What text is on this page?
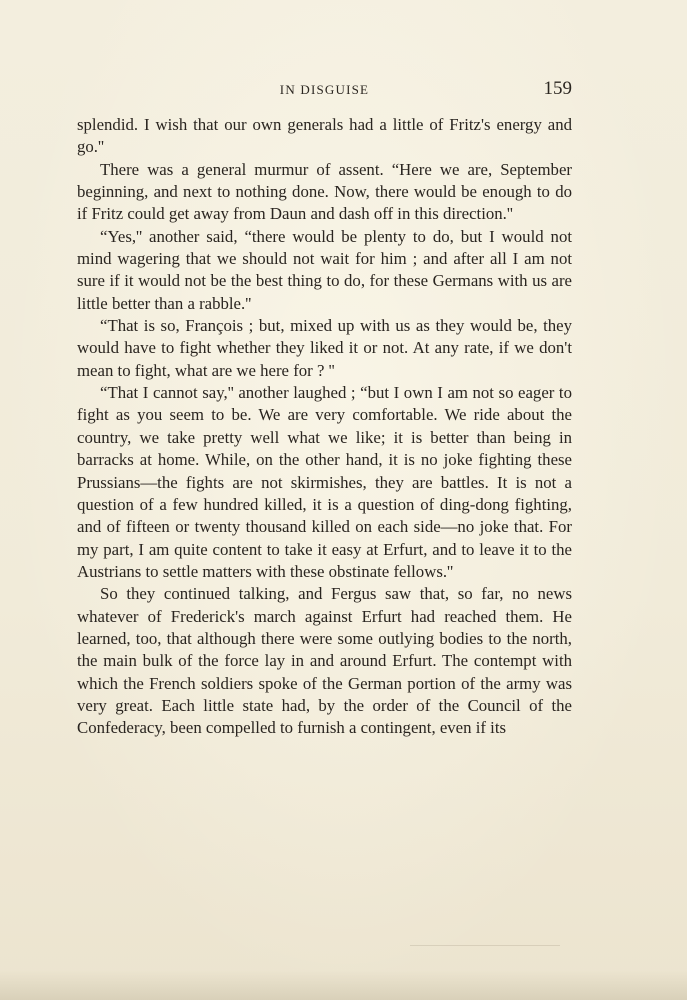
IN DISGUISE	159

splendid. I wish that our own generals had a little of Fritz's energy and go.''

There was a general murmur of assent. “Here we are, September beginning, and next to nothing done. Now, there would be enough to do if Fritz could get away from Daun and dash off in this direction.''

“Yes,'' another said, “there would be plenty to do, but I would not mind wagering that we should not wait for him ; and after all I am not sure if it would not be the best thing to do, for these Germans with us are little better than a rabble.''

“That is so, François ; but, mixed up with us as they would be, they would have to fight whether they liked it or not. At any rate, if we don't mean to fight, what are we here for ? ''

“That I cannot say,'' another laughed ; “but I own I am not so eager to fight as you seem to be. We are very comfortable. We ride about the country, we take pretty well what we like; it is better than being in barracks at home. While, on the other hand, it is no joke fighting these Prussians—the fights are not skirmishes, they are battles. It is not a question of a few hundred killed, it is a question of ding-dong fighting, and of fifteen or twenty thousand killed on each side—no joke that. For my part, I am quite content to take it easy at Erfurt, and to leave it to the Austrians to settle matters with these obstinate fellows.''

So they continued talking, and Fergus saw that, so far, no news whatever of Frederick's march against Erfurt had reached them. He learned, too, that although there were some outlying bodies to the north, the main bulk of the force lay in and around Erfurt. The contempt with which the French soldiers spoke of the German portion of the army was very great. Each little state had, by the order of the Council of the Confederacy, been compelled to furnish a contingent, even if its
